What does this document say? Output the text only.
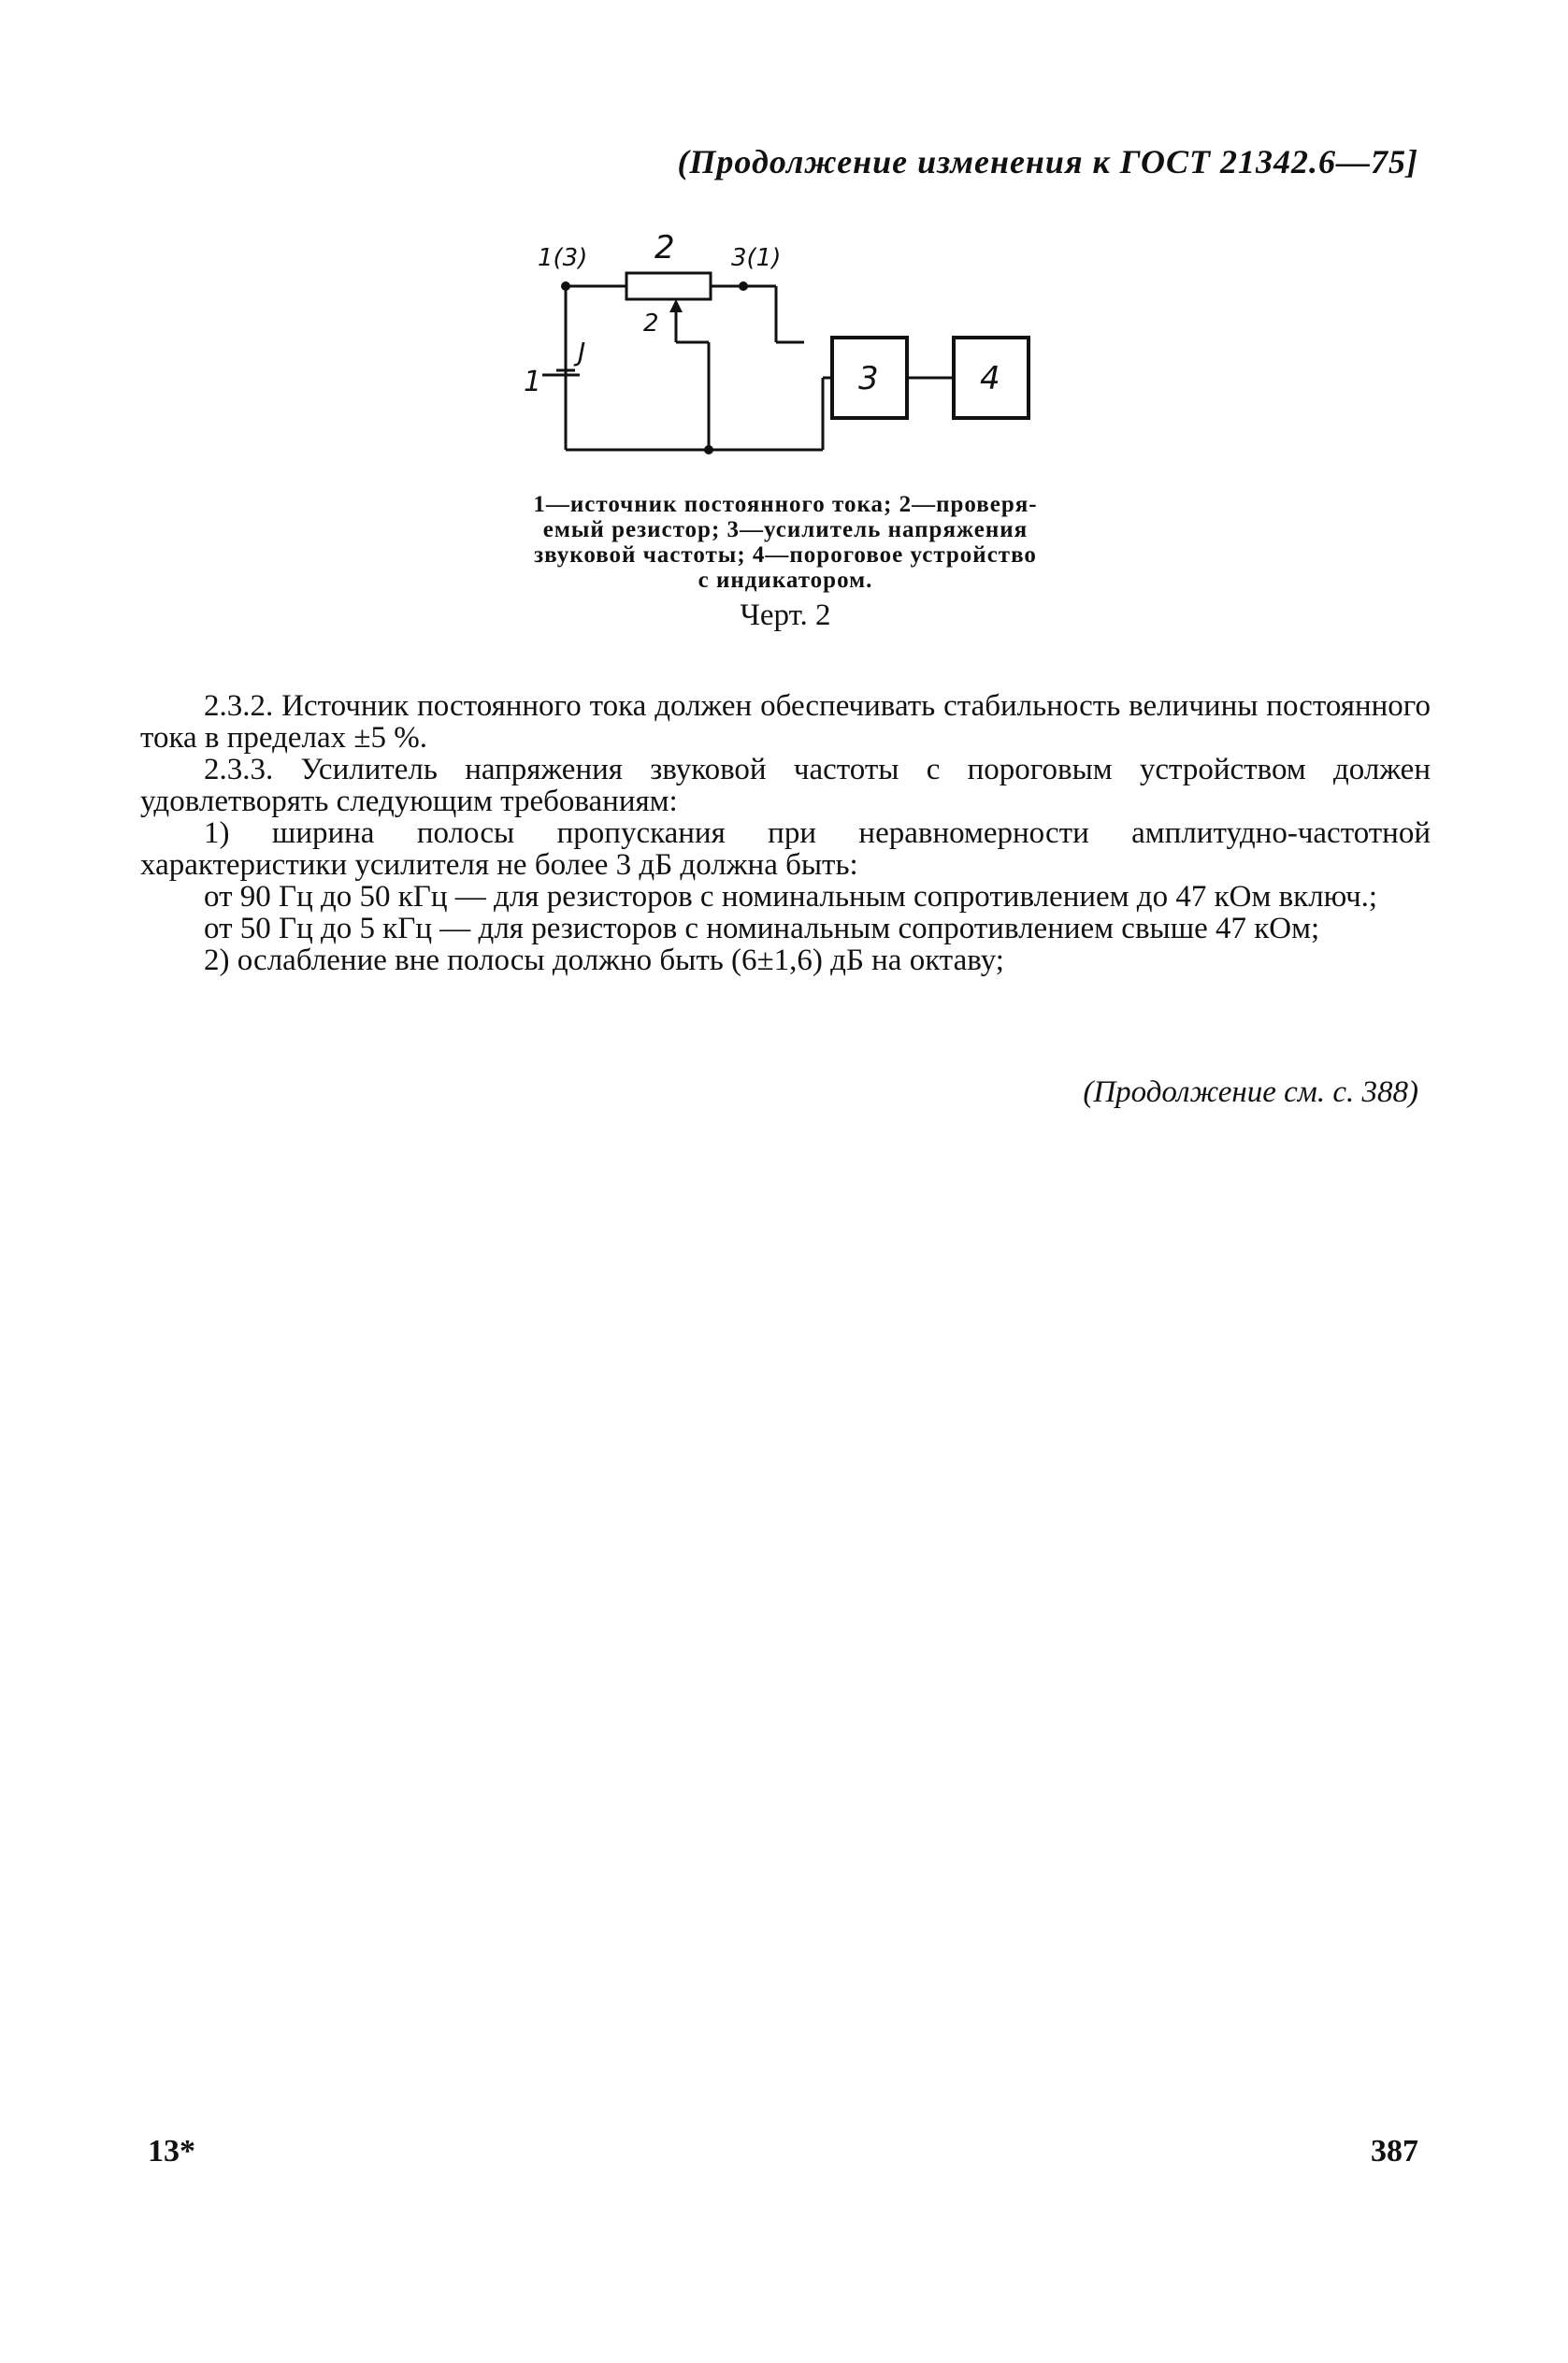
(Продолжение изменения к ГОСТ 21342.6—75]
1(3) 2 3(1)
2
J
1	3	4
1—источник постоянного тока; 2—проверя-
емый резистор; 3—усилитель напряжения
звуковой частоты; 4—пороговое устройство
с индикатором.
Черт. 2

2.3.2. Источник постоянного тока должен обеспечивать стабильность величины постоянного тока в пределах ±5 %.

2.3.3. Усилитель напряжения звуковой частоты с пороговым устройством должен удовлетворять следующим требованиям:

1) ширина полосы пропускания при неравномерности амплитудно-частотной характеристики усилителя не более 3 дБ должна быть:

от 90 Гц до 50 кГц — для резисторов с номинальным сопротивлением до 47 кОм включ.;

от 50 Гц до 5 кГц — для резисторов с номинальным сопротивлением свыше 47 кОм;

2) ослабление вне полосы должно быть (6±1,6) дБ на октаву;

(Продолжение см. с. 388)
13*	387
